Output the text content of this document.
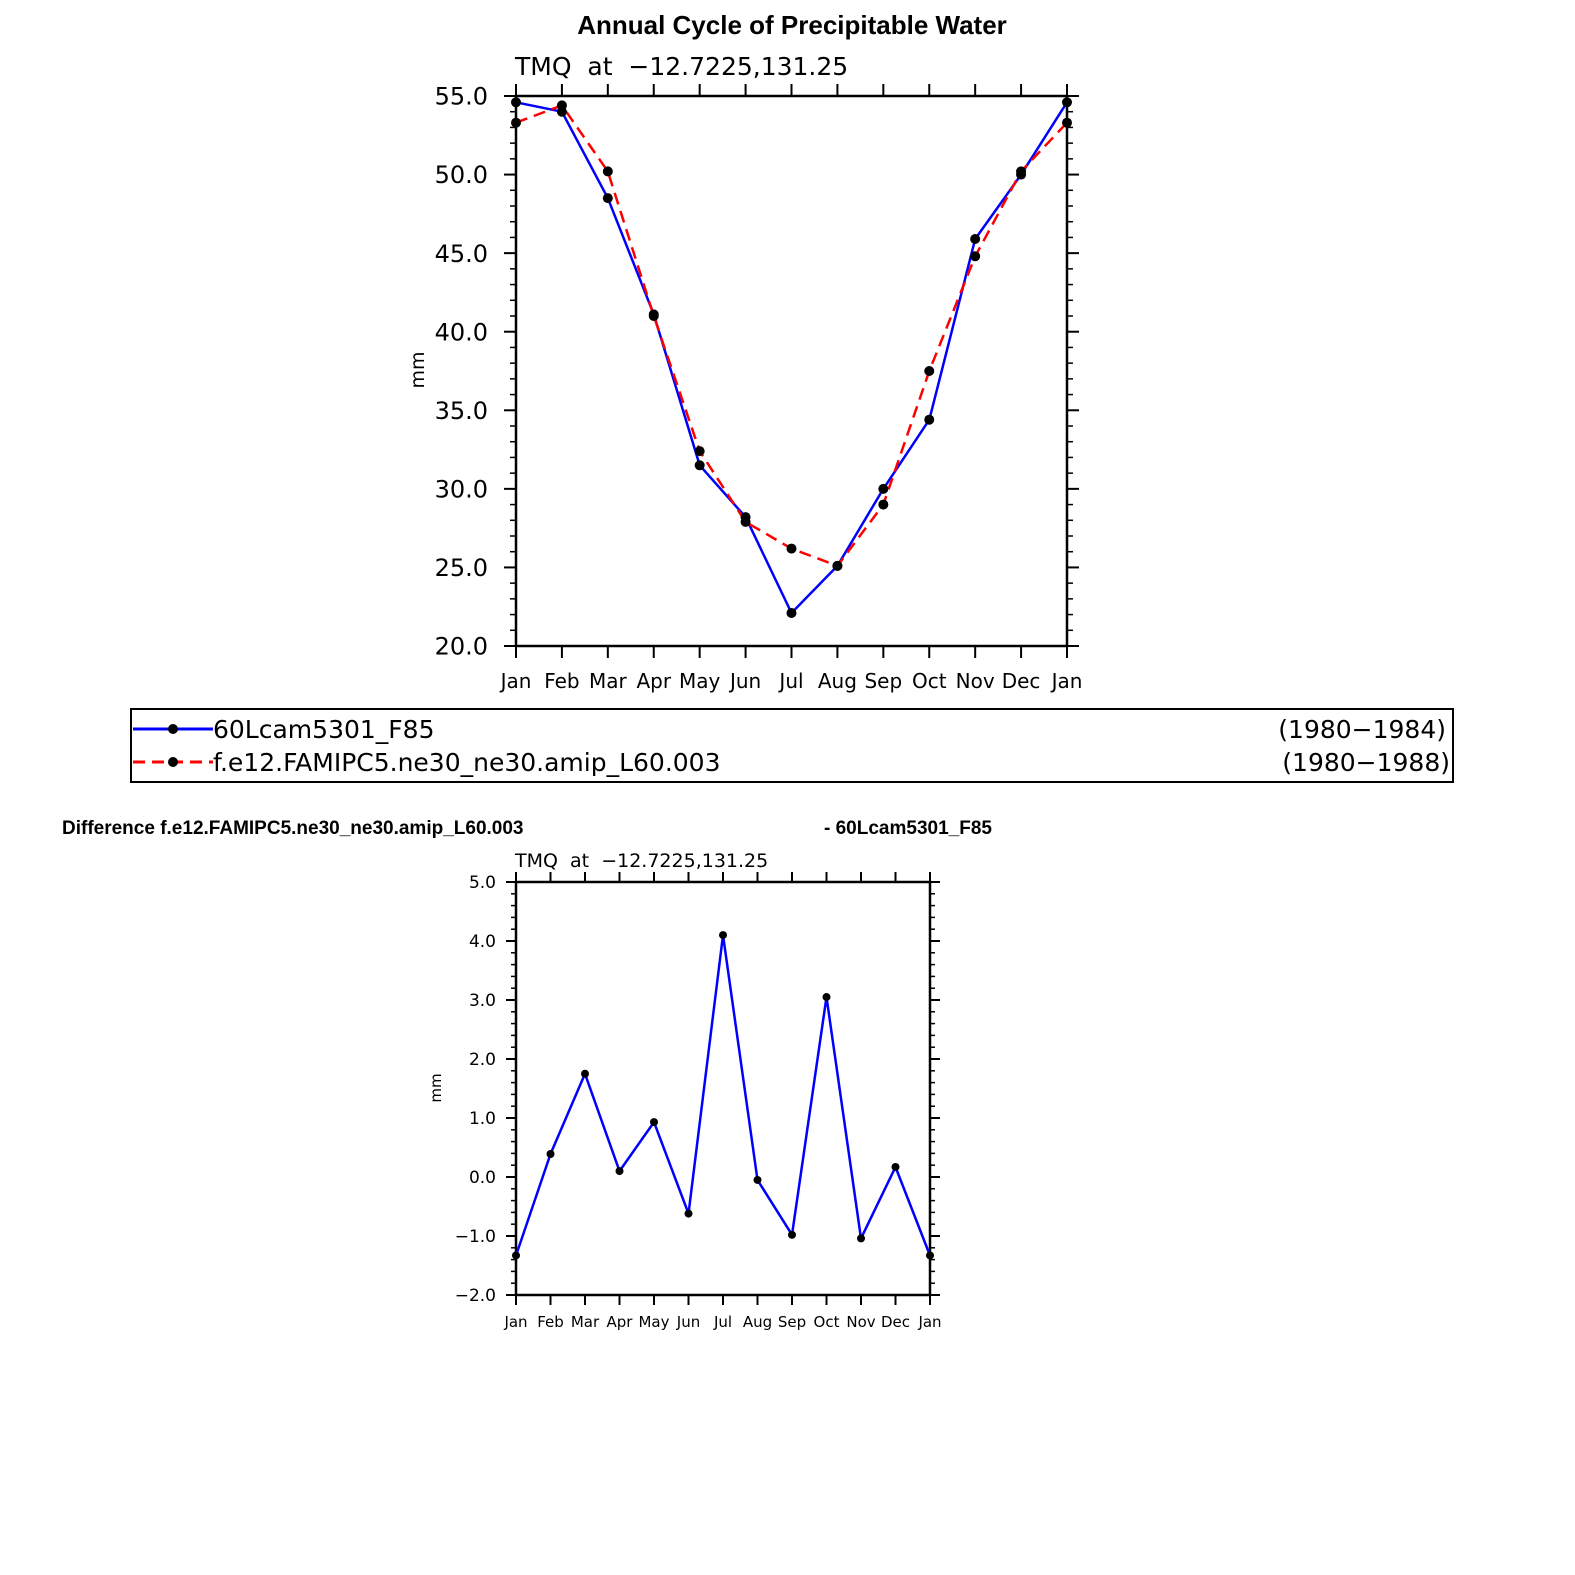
Annual Cycle of Precipitable Water
TMQ  at  −12.7225,131.25
mm
Jan Feb Mar Apr May Jun Jul Aug Sep Oct Nov Dec Jan
20.0
25.0
30.0
35.0
40.0
45.0
50.0
55.0
60Lcam5301_F85	(1980−1984)
f.e12.FAMIPC5.ne30_ne30.amip_L60.003	(1980−1988)
Difference f.e12.FAMIPC5.ne30_ne30.amip_L60.003	- 60Lcam5301_F85
TMQ  at  −12.7225,131.25
mm
Jan Feb Mar Apr May Jun Jul Aug Sep Oct Nov Dec Jan
−2.0
−1.0
0.0
1.0
2.0
3.0
4.0
5.0
